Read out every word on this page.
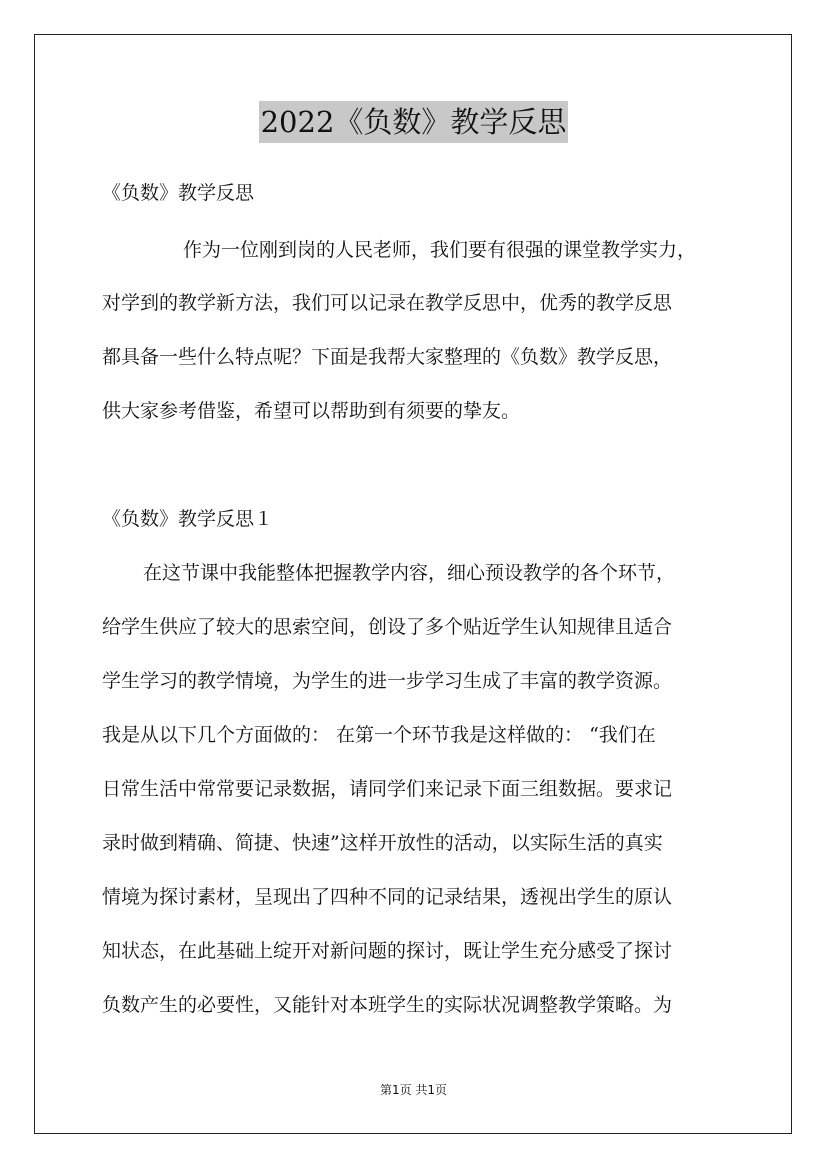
2022《负数》教学反思
《负数》教学反思
作为一位刚到岗的人民老师，我们要有很强的课堂教学实力，
对学到的教学新方法，我们可以记录在教学反思中，优秀的教学反思
都具备一些什么特点呢？下面是我帮大家整理的《负数》教学反思，
供大家参考借鉴，希望可以帮助到有须要的挚友。
《负数》教学反思１
在这节课中我能整体把握教学内容，细心预设教学的各个环节，
给学生供应了较大的思索空间，创设了多个贴近学生认知规律且适合
学生学习的教学情境，为学生的进一步学习生成了丰富的教学资源。
我是从以下几个方面做的： 在第一个环节我是这样做的： “我们在
日常生活中常常要记录数据，请同学们来记录下面三组数据。要求记
录时做到精确、简捷、快速”这样开放性的活动，以实际生活的真实
情境为探讨素材，呈现出了四种不同的记录结果，透视出学生的原认
知状态，在此基础上绽开对新问题的探讨，既让学生充分感受了探讨
负数产生的必要性，又能针对本班学生的实际状况调整教学策略。为
第1页 共1页
